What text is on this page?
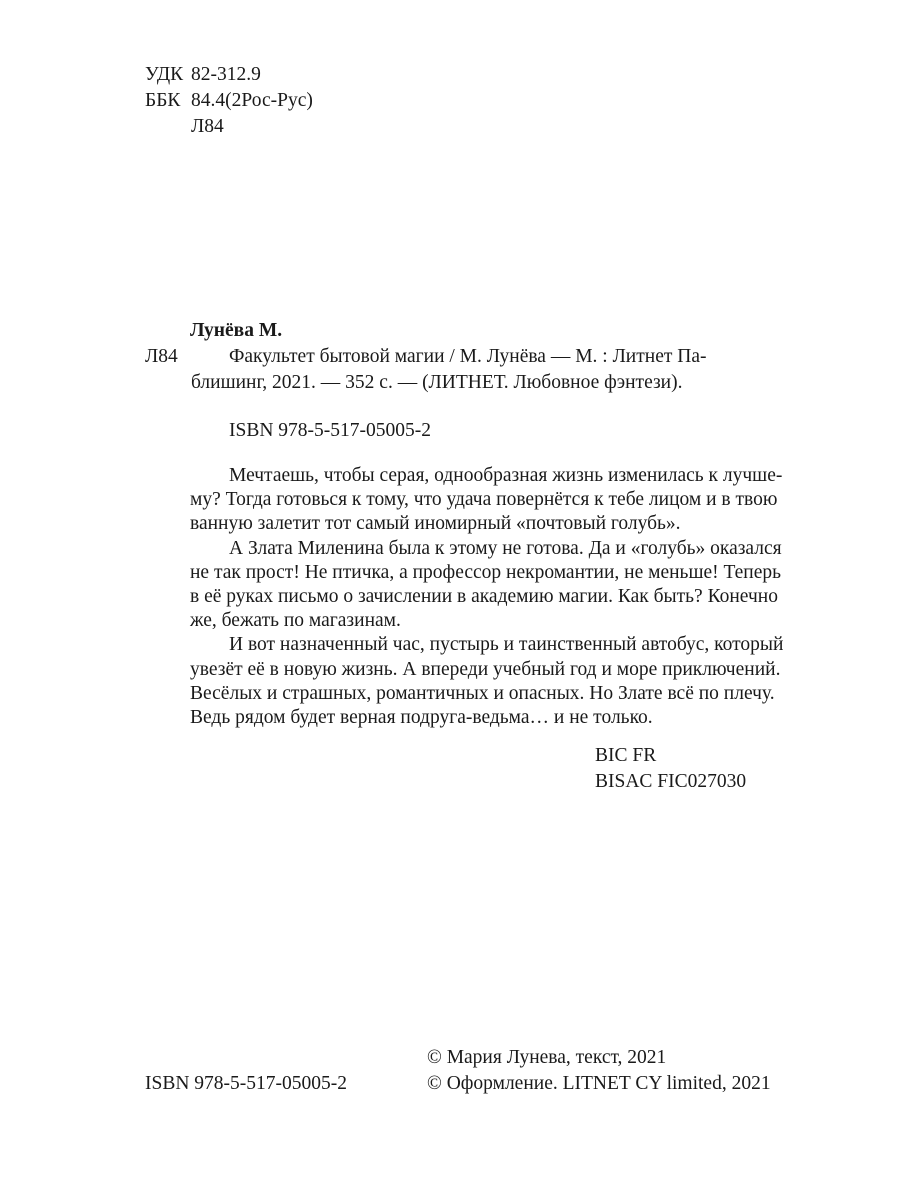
УДК 82-312.9
ББК 84.4(2Рос-Рус)
Л84
Лунёва М.
Л84	Факультет бытовой магии / М. Лунёва — М. : Литнет Па-
блишинг, 2021. — 352 с. — (ЛИТНЕТ. Любовное фэнтези).
ISBN 978-5-517-05005-2
Мечтаешь, чтобы серая, однообразная жизнь изменилась к лучше-
му? Тогда готовься к тому, что удача повернётся к тебе лицом и в твою
ванную залетит тот самый иномирный «почтовый голубь».
А Злата Миленина была к этому не готова. Да и «голубь» оказался
не так прост! Не птичка, а профессор некромантии, не меньше! Теперь
в её руках письмо о зачислении в академию магии. Как быть? Конечно
же, бежать по магазинам.
И вот назначенный час, пустырь и таинственный автобус, который
увезёт её в новую жизнь. А впереди учебный год и море приключений.
Весёлых и страшных, романтичных и опасных. Но Злате всё по плечу.
Ведь рядом будет верная подруга-ведьма… и не только.
BIC FR
BISAC FIC027030
© Мария Лунева, текст, 2021
© Оформление. LITNET CY limited, 2021
ISBN 978-5-517-05005-2
